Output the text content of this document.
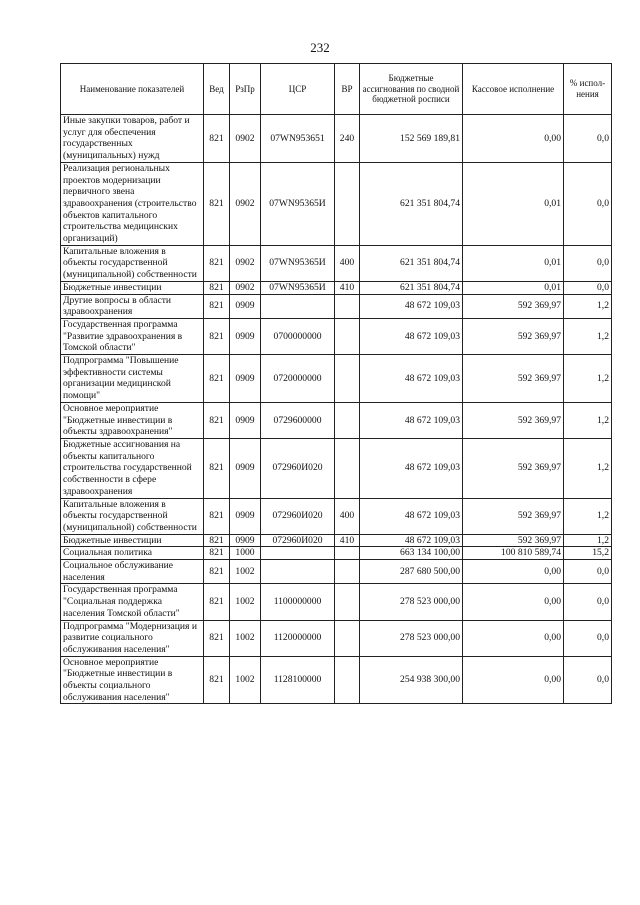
232
Наименование показателей	Вед	РзПр	ЦСР	ВР	Бюджетные ассигнования по сводной бюджетной росписи	Кассовое исполнение	% испол-нения
Иные закупки товаров, работ и услуг для обеспечения государственных (муниципальных) нужд	821	0902	07WN953651	240	152 569 189,81	0,00	0,0
Реализация региональных проектов модернизации первичного звена здравоохранения (строительство объектов капитального строительства медицинских организаций)	821	0902	07WN95365И		621 351 804,74	0,01	0,0
Капитальные вложения в объекты государственной (муниципальной) собственности	821	0902	07WN95365И	400	621 351 804,74	0,01	0,0
Бюджетные инвестиции	821	0902	07WN95365И	410	621 351 804,74	0,01	0,0
Другие вопросы в области здравоохранения	821	0909			48 672 109,03	592 369,97	1,2
Государственная программа "Развитие здравоохранения в Томской области"	821	0909	0700000000		48 672 109,03	592 369,97	1,2
Подпрограмма "Повышение эффективности системы организации медицинской помощи"	821	0909	0720000000		48 672 109,03	592 369,97	1,2
Основное мероприятие "Бюджетные инвестиции в объекты здравоохранения"	821	0909	0729600000		48 672 109,03	592 369,97	1,2
Бюджетные ассигнования на объекты капитального строительства государственной собственности в сфере здравоохранения	821	0909	072960И020		48 672 109,03	592 369,97	1,2
Капитальные вложения в объекты государственной (муниципальной) собственности	821	0909	072960И020	400	48 672 109,03	592 369,97	1,2
Бюджетные инвестиции	821	0909	072960И020	410	48 672 109,03	592 369,97	1,2
Социальная политика	821	1000			663 134 100,00	100 810 589,74	15,2
Социальное обслуживание населения	821	1002			287 680 500,00	0,00	0,0
Государственная программа "Социальная поддержка населения Томской области"	821	1002	1100000000		278 523 000,00	0,00	0,0
Подпрограмма "Модернизация и развитие социального обслуживания населения"	821	1002	1120000000		278 523 000,00	0,00	0,0
Основное мероприятие "Бюджетные инвестиции в объекты социального обслуживания населения"	821	1002	1128100000		254 938 300,00	0,00	0,0
